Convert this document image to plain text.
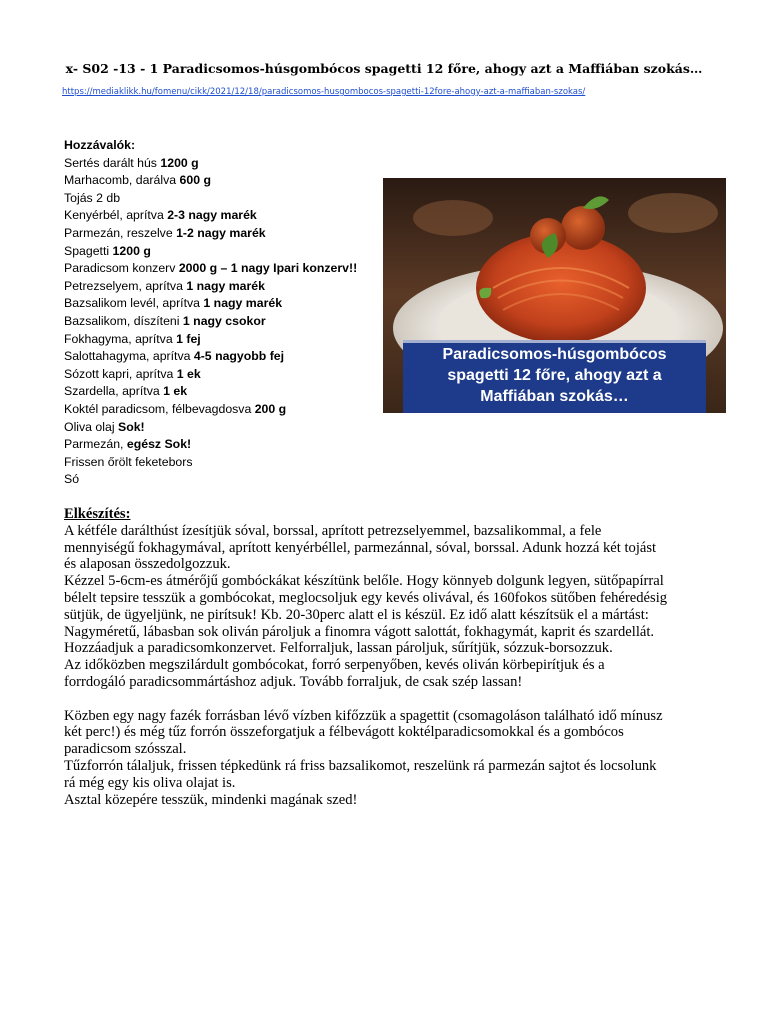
x- S02 -13 - 1 Paradicsomos-húsgombócos spagetti 12 főre, ahogy azt a Maffiában szokás…
https://mediaklikk.hu/fomenu/cikk/2021/12/18/paradicsomos-husgombocos-spagetti-12fore-ahogy-azt-a-maffiaban-szokas/
Hozzávalók:
Sertés darált hús 1200 g
Marhacomb, darálva 600 g
Tojás 2 db
Kenyérbél, aprítva 2-3 nagy marék
Parmezán, reszelve 1-2 nagy marék
Spagetti 1200 g
Paradicsom konzerv 2000 g – 1 nagy Ipari konzerv!!
Petrezselyem, aprítva 1 nagy marék
Bazsalikom levél, aprítva 1 nagy marék
Bazsalikom, díszíteni 1 nagy csokor
Fokhagyma, aprítva 1 fej
Salottahagyma, aprítva 4-5 nagyobb fej
Sózott kapri, aprítva 1 ek
Szardella, aprítva 1 ek
Koktél paradicsom, félbevagdosva 200 g
Oliva olaj Sok!
Parmezán, egész Sok!
Frissen őrölt feketebors
Só
Paradicsomos-húsgombócos
spagetti 12 főre, ahogy azt a
Maffiában szokás…
Elkészítés:

A kétféle darálthúst ízesítjük sóval, borssal, aprított petrezselyemmel, bazsalikommal, a fele

mennyiségű fokhagymával, aprított kenyérbéllel, parmezánnal, sóval, borssal. Adunk hozzá két tojást

és alaposan összedolgozzuk.

Kézzel 5-6cm-es átmérőjű gombóckákat készítünk belőle. Hogy könnyeb dolgunk legyen, sütőpapírral

bélelt tepsire tesszük a gombócokat, meglocsoljuk egy kevés olivával, és 160fokos sütőben fehéredésig

sütjük, de ügyeljünk, ne pirítsuk! Kb. 20-30perc alatt el is készül. Ez idő alatt készítsük el a mártást:

Nagyméretű, lábasban sok oliván pároljuk a finomra vágott salottát, fokhagymát, kaprit és szardellát.

Hozzáadjuk a paradicsomkonzervet. Felforraljuk, lassan pároljuk, sűrítjük, sózzuk-borsozzuk.

Az időközben megszilárdult gombócokat, forró serpenyőben, kevés oliván körbepirítjuk és a

forrdogáló paradicsommártáshoz adjuk. Tovább forraljuk, de csak szép lassan!

Közben egy nagy fazék forrásban lévő vízben kifőzzük a spagettit (csomagoláson található idő mínusz

két perc!) és még tűz forrón összeforgatjuk a félbevágott koktélparadicsomokkal és a gombócos

paradicsom szósszal.

Tűzforrón tálaljuk, frissen tépkedünk rá friss bazsalikomot, reszelünk rá parmezán sajtot és locsolunk

rá még egy kis oliva olajat is.

Asztal közepére tesszük, mindenki magának szed!
